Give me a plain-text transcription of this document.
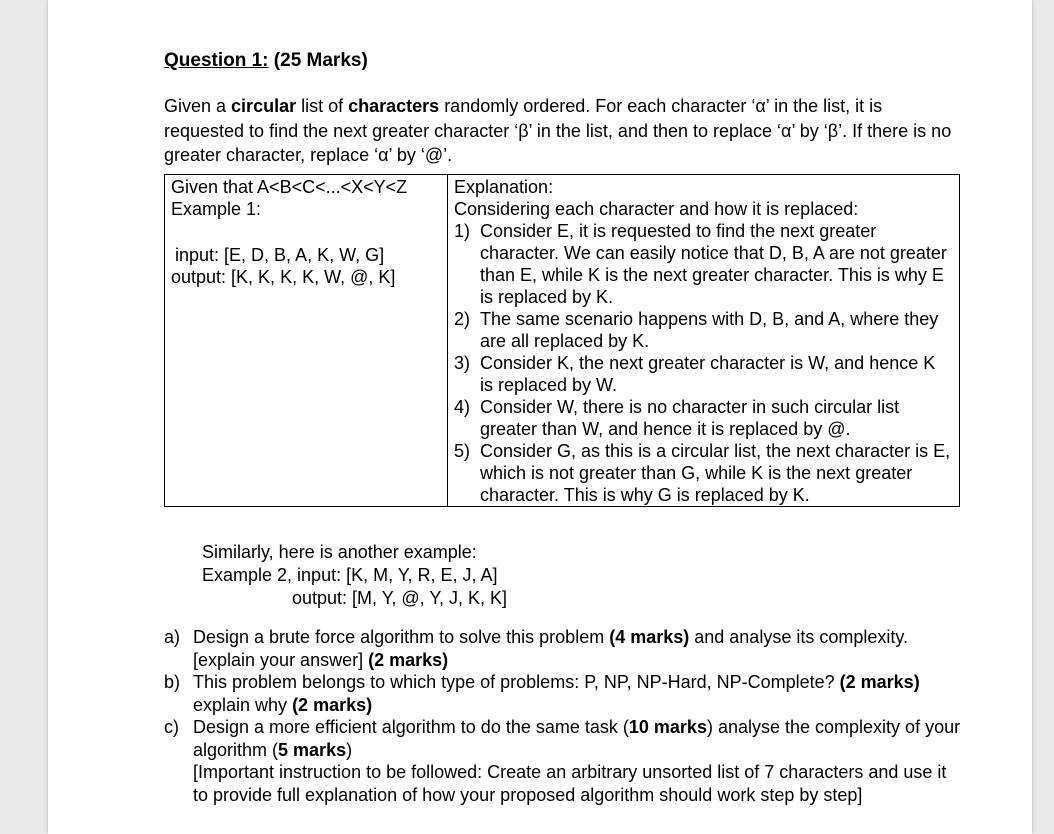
Question 1: (25 Marks)
Given a circular list of characters randomly ordered. For each character ‘α’ in the list, it is requested to find the next greater character ‘β’ in the list, and then to replace ‘α’ by ‘β’. If there is no greater character, replace ‘α’ by ‘@’.
Given that A<B<C<...<X<Y<Z
Example 1:
input: [E, D, B, A, K, W, G]
output: [K, K, K, K, W, @, K]

Explanation:
Considering each character and how it is replaced:
1) Consider E, it is requested to find the next greater character. We can easily notice that D, B, A are not greater than E, while K is the next greater character. This is why E is replaced by K.
2) The same scenario happens with D, B, and A, where they are all replaced by K.
3) Consider K, the next greater character is W, and hence K is replaced by W.
4) Consider W, there is no character in such circular list greater than W, and hence it is replaced by @.
5) Consider G, as this is a circular list, the next character is E, which is not greater than G, while K is the next greater character. This is why G is replaced by K.
Similarly, here is another example:
Example 2, input: [K, M, Y, R, E, J, A]
output: [M, Y, @, Y, J, K, K]
a) Design a brute force algorithm to solve this problem (4 marks) and analyse its complexity. [explain your answer] (2 marks)
b) This problem belongs to which type of problems: P, NP, NP-Hard, NP-Complete? (2 marks) explain why (2 marks)
c) Design a more efficient algorithm to do the same task (10 marks) analyse the complexity of your algorithm (5 marks)
[Important instruction to be followed: Create an arbitrary unsorted list of 7 characters and use it to provide full explanation of how your proposed algorithm should work step by step]
